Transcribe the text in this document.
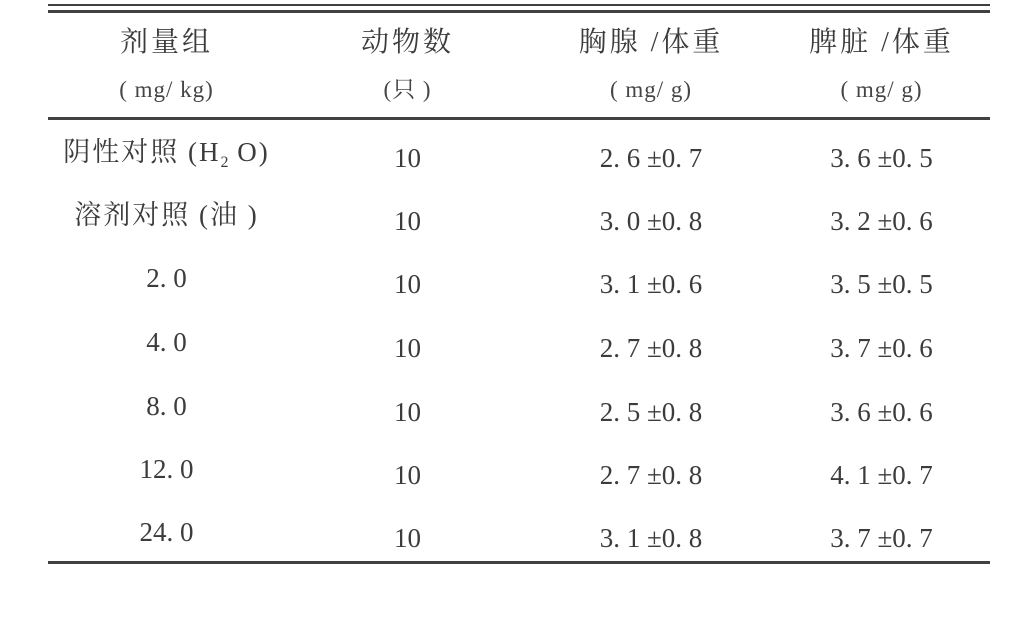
剂量组	动物数	胸腺 /体重	脾脏 /体重
( mg/ kg)	(只 )	( mg/ g)	( mg/ g)
阴性对照 ($H_2$ O)	10	2. 6 ±0. 7	3. 6 ±0. 5
溶剂对照 (油 )	10	3. 0 ±0. 8	3. 2 ±0. 6
2. 0	10	3. 1 ±0. 6	3. 5 ±0. 5
4. 0	10	2. 7 ±0. 8	3. 7 ±0. 6
8. 0	10	2. 5 ±0. 8	3. 6 ±0. 6
12. 0	10	2. 7 ±0. 8	4. 1 ±0. 7
24. 0	10	3. 1 ±0. 8	3. 7 ±0. 7
